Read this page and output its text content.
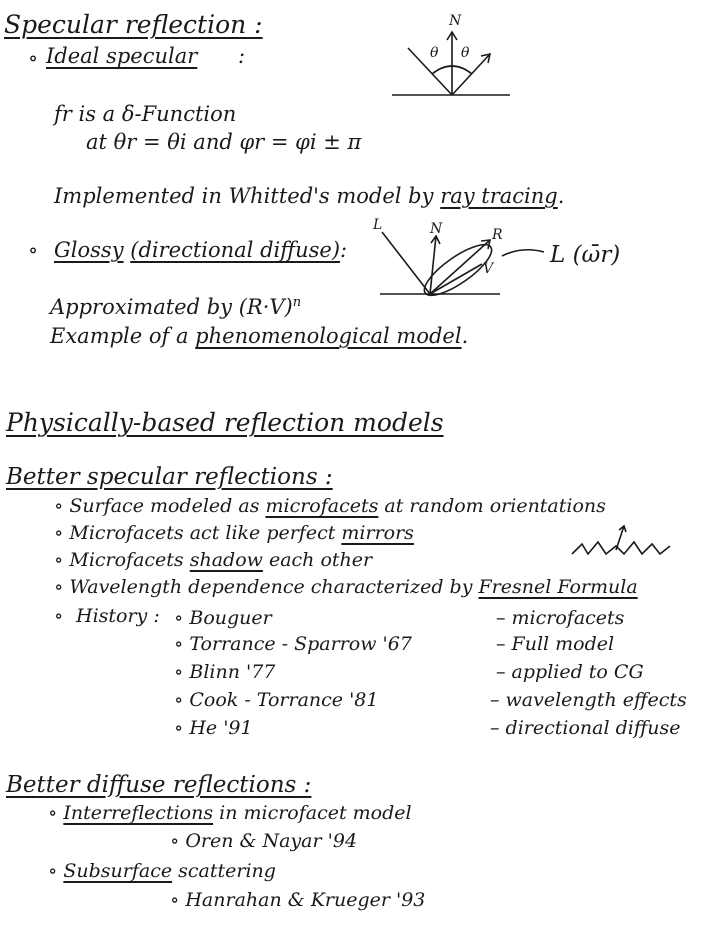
Specular reflection :
∘ Ideal specular :
fr is a δ-Function
at θr = θi and φr = φi ± π
Implemented in Whitted's model by ray tracing.
∘ Glossy (directional diffuse):
Approximated by $(R\cdot V)^n$
Example of a phenomenological model.
N
θ θ
L	N	R
V
L (ω̄r)
Physically-based reflection models
Better specular reflections :
∘ Surface modeled as microfacets at random orientations
∘ Microfacets act like perfect mirrors
∘ Microfacets shadow each other
∘ Wavelength dependence characterized by Fresnel Formula
∘ History : ∘ Bouguer	– microfacets
∘ Torrance - Sparrow '67	– Full model
∘ Blinn '77	– applied to CG
∘ Cook - Torrance '81	– wavelength effects
∘ He '91	– directional diffuse
Better diffuse reflections :
∘ Interreflections in microfacet model
∘ Oren & Nayar '94
∘ Subsurface scattering
∘ Hanrahan & Krueger '93
